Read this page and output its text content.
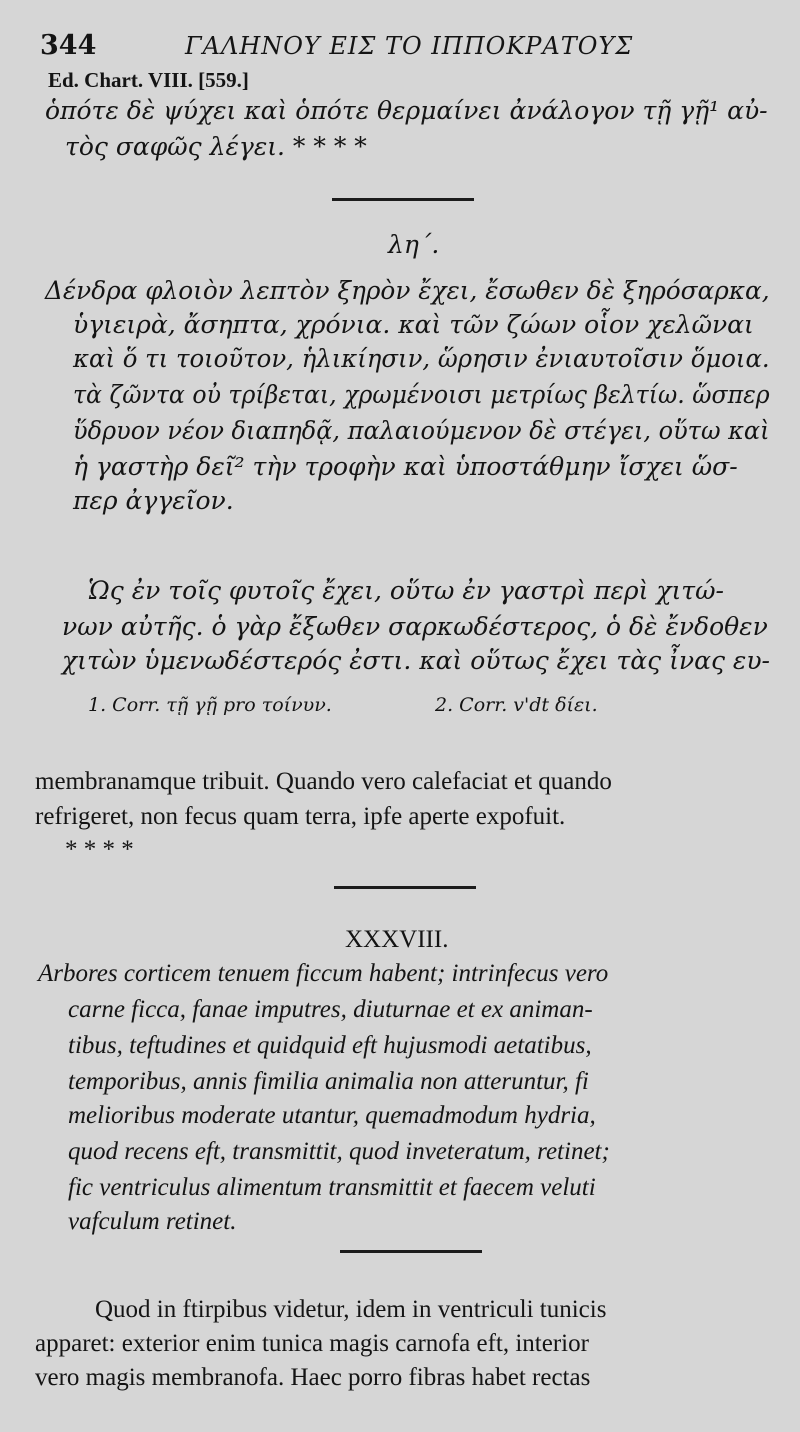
344	ΓΑΛΗΝΟΥ ΕΙΣ ΤΟ ΙΠΠΟΚΡΑΤΟΥΣ
Ed. Chart. VIII. [559.]
ὁπότε δὲ ψύχει καὶ ὁπότε θερμαίνει ἀνάλογον τῇ γῇ¹ αὐ-
τὸς σαφῶς λέγει. * * * *
λη΄.
Δένδρα φλοιὸν λεπτὸν ξηρὸν ἔχει, ἔσωθεν δὲ ξηρόσαρκα,
ὑγιειρὰ, ἄσηπτα, χρόνια. καὶ τῶν ζώων οἷον χελῶναι
καὶ ὅ τι τοιοῦτον, ἡλικίησιν, ὥρησιν ἐνιαυτοῖσιν ὅμοια.
τὰ ζῶντα οὐ τρίβεται, χρωμένοισι μετρίως βελτίω. ὥσπερ
ὕδρυον νέον διαπηδᾷ, παλαιούμενον δὲ στέγει, οὕτω καὶ
ἡ γαστὴρ δεῖ² τὴν τροφὴν καὶ ὑποστάθμην ἴσχει ὥσ-
περ ἀγγεῖον.
Ὡς ἐν τοῖς φυτοῖς ἔχει, οὕτω ἐν γαστρὶ περὶ χιτώ-
νων αὐτῆς. ὁ γὰρ ἔξωθεν σαρκωδέστερος, ὁ δὲ ἔνδοθεν
χιτὼν ὑμενωδέστερός ἐστι. καὶ οὕτως ἔχει τὰς ἶνας ευ-
1. Corr. τῇ γῇ pro τοίνυν.	2. Corr. v'dt δίει.
membranamque tribuit. Quando vero calefaciat et quando
refrigeret, non fecus quam terra, ipfe aperte expofuit.
* * * *
XXXVIII.
Arbores corticem tenuem ficcum habent; intrinfecus vero
carne ficca, fanae imputres, diuturnae et ex animan-
tibus, teftudines et quidquid eft hujusmodi aetatibus,
temporibus, annis fimilia animalia non atteruntur, fi
melioribus moderate utantur, quemadmodum hydria,
quod recens eft, transmittit, quod inveteratum, retinet;
fic ventriculus alimentum transmittit et faecem veluti
vafculum retinet.
Quod in ftirpibus videtur, idem in ventriculi tunicis
apparet: exterior enim tunica magis carnofa eft, interior
vero magis membranofa. Haec porro fibras habet rectas
